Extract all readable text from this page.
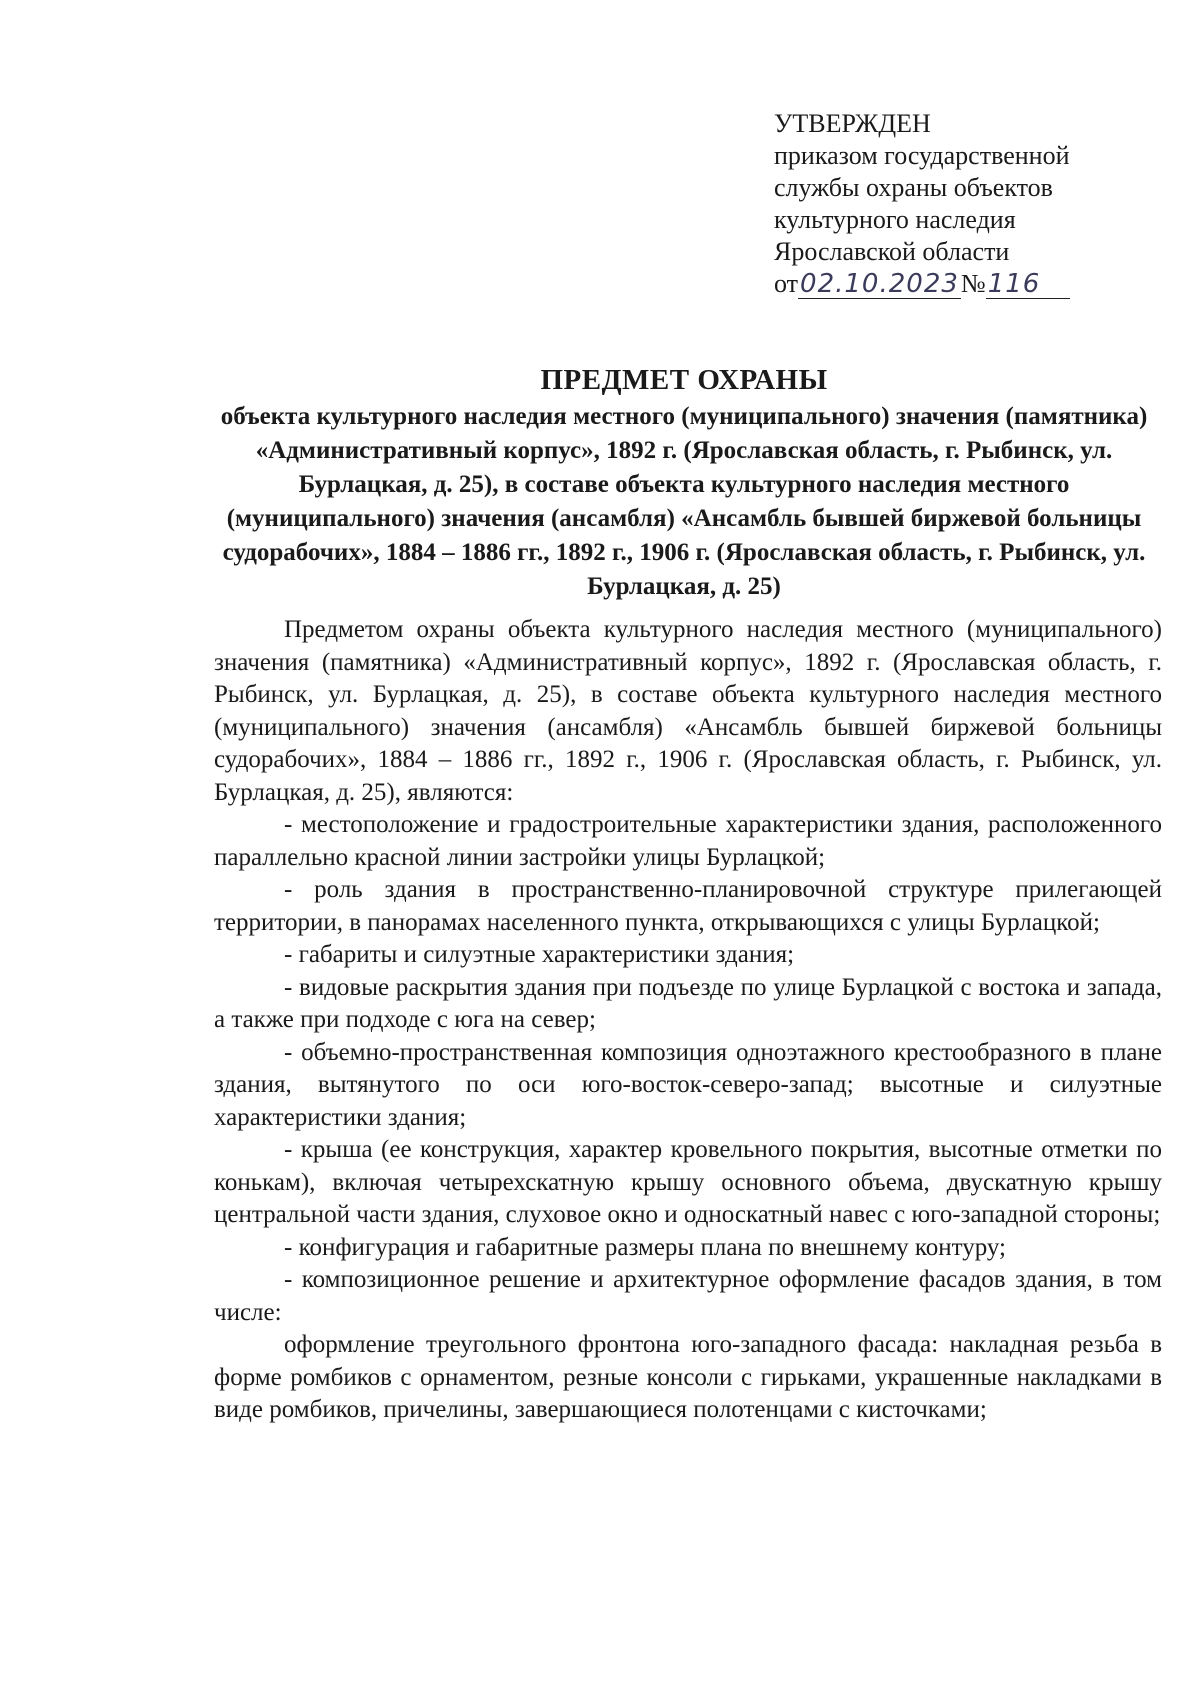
УТВЕРЖДЕН
приказом государственной
службы охраны объектов
культурного наследия
Ярославской области
от02.10.2023№116
ПРЕДМЕТ ОХРАНЫ
объекта культурного наследия местного (муниципального) значения (памятника) «Административный корпус», 1892 г. (Ярославская область, г. Рыбинск, ул. Бурлацкая, д. 25), в составе объекта культурного наследия местного (муниципального) значения (ансамбля) «Ансамбль бывшей биржевой больницы судорабочих», 1884 – 1886 гг., 1892 г., 1906 г. (Ярославская область, г. Рыбинск, ул. Бурлацкая, д. 25)

Предметом охраны объекта культурного наследия местного (муниципального) значения (памятника) «Административный корпус», 1892 г. (Ярославская область, г. Рыбинск, ул. Бурлацкая, д. 25), в составе объекта культурного наследия местного (муниципального) значения (ансамбля) «Ансамбль бывшей биржевой больницы судорабочих», 1884 – 1886 гг., 1892 г., 1906 г. (Ярославская область, г. Рыбинск, ул. Бурлацкая, д. 25), являются:

- местоположение и градостроительные характеристики здания, расположенного параллельно красной линии застройки улицы Бурлацкой;

- роль здания в пространственно-планировочной структуре прилегающей территории, в панорамах населенного пункта, открывающихся с улицы Бурлацкой;

- габариты и силуэтные характеристики здания;

- видовые раскрытия здания при подъезде по улице Бурлацкой с востока и запада, а также при подходе с юга на север;

- объемно-пространственная композиция одноэтажного крестообразного в плане здания, вытянутого по оси юго-восток-северо-запад; высотные и силуэтные характеристики здания;

- крыша (ее конструкция, характер кровельного покрытия, высотные отметки по конькам), включая четырехскатную крышу основного объема, двускатную крышу центральной части здания, слуховое окно и односкатный навес с юго-западной стороны;

- конфигурация и габаритные размеры плана по внешнему контуру;

- композиционное решение и архитектурное оформление фасадов здания, в том числе:

оформление треугольного фронтона юго-западного фасада: накладная резьба в форме ромбиков с орнаментом, резные консоли с гирьками, украшенные накладками в виде ромбиков, причелины, завершающиеся полотенцами с кисточками;
